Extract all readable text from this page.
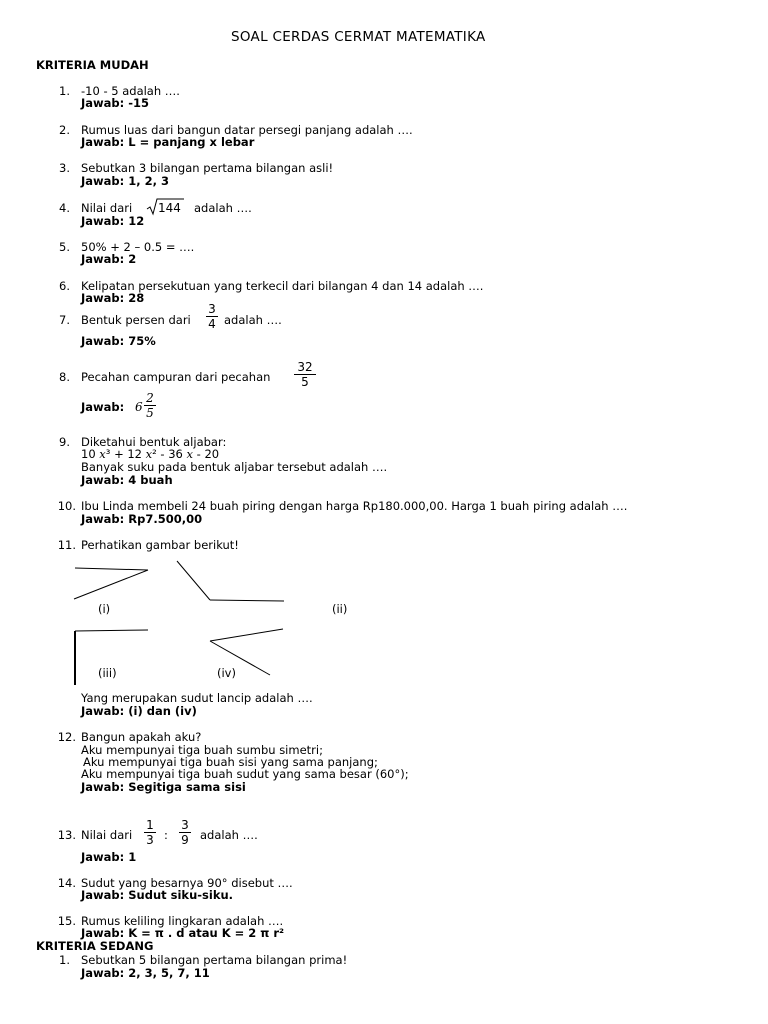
SOAL CERDAS CERMAT MATEMATIKA
KRITERIA MUDAH
1. -10 - 5 adalah ….
Jawab: -15
2. Rumus luas dari bangun datar persegi panjang adalah ….
Jawab: L = panjang x lebar
3. Sebutkan 3 bilangan pertama bilangan asli!
Jawab: 1, 2, 3
4. Nilai dari 144 adalah ….
Jawab: 12
5. 50% + 2 – 0.5 = ….
Jawab: 2
6. Kelipatan persekutuan yang terkecil dari bilangan 4 dan 14 adalah ….
Jawab: 28
7. Bentuk persen dari
3
4 adalah ….
Jawab: 75%
8. Pecahan campuran dari pecahan
32
5
Jawab: 6
2
5
9. Diketahui bentuk aljabar:
10 x³ + 12 x² - 36 x - 20
Banyak suku pada bentuk aljabar tersebut adalah ….
Jawab: 4 buah
10. Ibu Linda membeli 24 buah piring dengan harga Rp180.000,00. Harga 1 buah piring adalah ….
Jawab: Rp7.500,00
11. Perhatikan gambar berikut!
(i)	(ii)
(iii)	(iv)
Yang merupakan sudut lancip adalah ….
Jawab: (i) dan (iv)
12. Bangun apakah aku?
Aku mempunyai tiga buah sumbu simetri;
Aku mempunyai tiga buah sisi yang sama panjang;
Aku mempunyai tiga buah sudut yang sama besar (60°);
Jawab: Segitiga sama sisi
13. Nilai dari
1
3 :
3
9 adalah ….
Jawab: 1
14. Sudut yang besarnya 90° disebut ….
Jawab: Sudut siku-siku.
15. Rumus keliling lingkaran adalah ….
Jawab: K = π . d atau K = 2 π r²
KRITERIA SEDANG
1. Sebutkan 5 bilangan pertama bilangan prima!
Jawab: 2, 3, 5, 7, 11
